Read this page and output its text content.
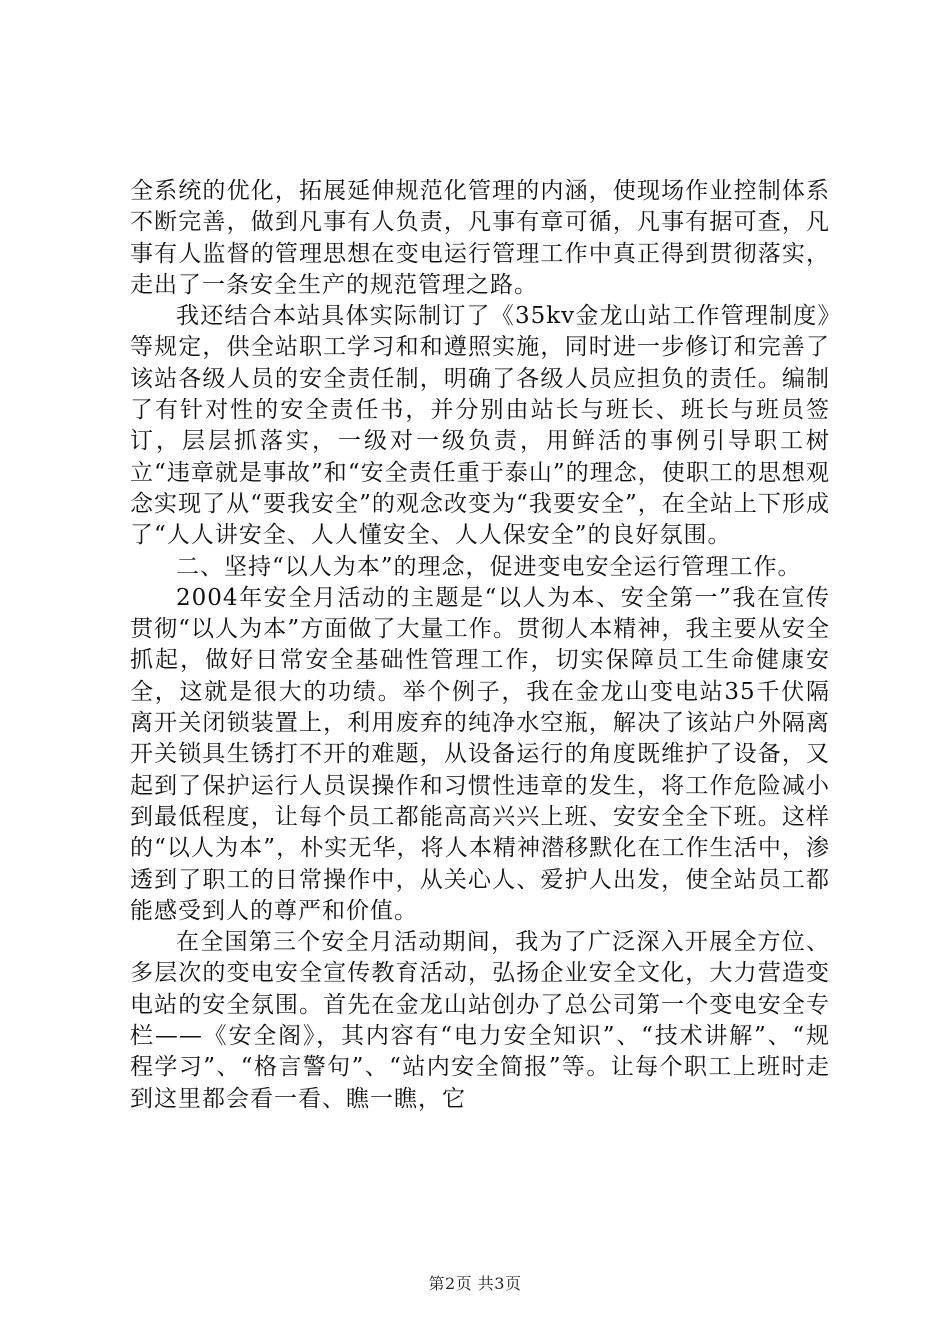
全系统的优化，拓展延伸规范化管理的内涵，使现场作业控制体系不断完善，做到凡事有人负责，凡事有章可循，凡事有据可查，凡事有人监督的管理思想在变电运行管理工作中真正得到贯彻落实，走出了一条安全生产的规范管理之路。

我还结合本站具体实际制订了《35kv金龙山站工作管理制度》等规定，供全站职工学习和和遵照实施，同时进一步修订和完善了该站各级人员的安全责任制，明确了各级人员应担负的责任。编制了有针对性的安全责任书，并分别由站长与班长、班长与班员签订，层层抓落实，一级对一级负责，用鲜活的事例引导职工树立“违章就是事故”和“安全责任重于泰山”的理念，使职工的思想观念实现了从“要我安全”的观念改变为“我要安全”，在全站上下形成了“人人讲安全、人人懂安全、人人保安全”的良好氛围。

二、坚持“以人为本”的理念，促进变电安全运行管理工作。

2004年安全月活动的主题是“以人为本、安全第一”我在宣传贯彻“以人为本”方面做了大量工作。贯彻人本精神，我主要从安全抓起，做好日常安全基础性管理工作，切实保障员工生命健康安全，这就是很大的功绩。举个例子，我在金龙山变电站35千伏隔离开关闭锁装置上，利用废弃的纯净水空瓶，解决了该站户外隔离开关锁具生锈打不开的难题，从设备运行的角度既维护了设备，又起到了保护运行人员误操作和习惯性违章的发生，将工作危险减小到最低程度，让每个员工都能高高兴兴上班、安安全全下班。这样的“以人为本”，朴实无华，将人本精神潜移默化在工作生活中，渗透到了职工的日常操作中，从关心人、爱护人出发，使全站员工都能感受到人的尊严和价值。

在全国第三个安全月活动期间，我为了广泛深入开展全方位、多层次的变电安全宣传教育活动，弘扬企业安全文化，大力营造变电站的安全氛围。首先在金龙山站创办了总公司第一个变电安全专栏——《安全阁》，其内容有“电力安全知识”、“技术讲解”、“规程学习”、“格言警句”、“站内安全简报”等。让每个职工上班时走到这里都会看一看、瞧一瞧，它

第2页 共3页
